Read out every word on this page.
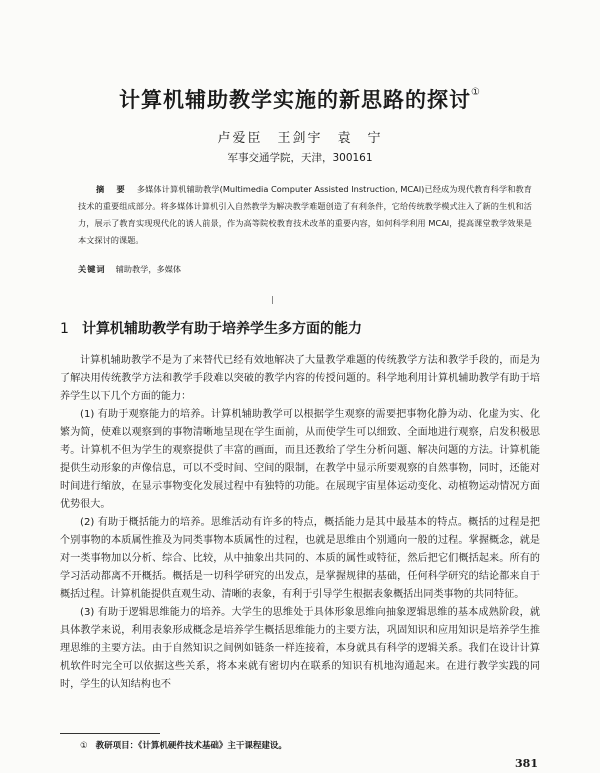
计算机辅助教学实施的新思路的探讨①
卢爱臣　王剑宇　袁　宁
军事交通学院，天津，300161
摘　要 多媒体计算机辅助教学(Multimedia Computer Assisted Instruction, MCAI)已经成为现代教育科学和教育技术的重要组成部分。将多媒体计算机引入自然教学为解决教学难题创造了有利条件，它给传统教学模式注入了新的生机和活力，展示了教育实现现代化的诱人前景，作为高等院校教育技术改革的重要内容，如何科学利用 MCAI，提高课堂教学效果是本文探讨的课题。
关键词 辅助教学，多媒体
1 计算机辅助教学有助于培养学生多方面的能力

计算机辅助教学不是为了来替代已经有效地解决了大量教学难题的传统教学方法和教学手段的，而是为了解决用传统教学方法和教学手段难以突破的教学内容的传授问题的。科学地利用计算机辅助教学有助于培养学生以下几个方面的能力：

(1) 有助于观察能力的培养。计算机辅助教学可以根据学生观察的需要把事物化静为动、化虚为实、化繁为简，使难以观察到的事物清晰地呈现在学生面前，从而使学生可以细致、全面地进行观察，启发积极思考。计算机不但为学生的观察提供了丰富的画面，而且还教给了学生分析问题、解决问题的方法。计算机能提供生动形象的声像信息，可以不受时间、空间的限制，在教学中显示所要观察的自然事物，同时，还能对时间进行缩放，在显示事物变化发展过程中有独特的功能。在展现宇宙星体运动变化、动植物运动情况方面优势很大。

(2) 有助于概括能力的培养。思维活动有许多的特点，概括能力是其中最基本的特点。概括的过程是把个别事物的本质属性推及为同类事物本质属性的过程，也就是思维由个别通向一般的过程。掌握概念，就是对一类事物加以分析、综合、比较，从中抽象出共同的、本质的属性或特征，然后把它们概括起来。所有的学习活动都离不开概括。概括是一切科学研究的出发点，是掌握规律的基础，任何科学研究的结论都来自于概括过程。计算机能提供直观生动、清晰的表象，有利于引导学生根据表象概括出同类事物的共同特征。

(3) 有助于逻辑思维能力的培养。大学生的思维处于具体形象思维向抽象逻辑思维的基本成熟阶段，就具体教学来说，利用表象形成概念是培养学生概括思维能力的主要方法，巩固知识和应用知识是培养学生推理思维的主要方法。由于自然知识之间例如链条一样连接着，本身就具有科学的逻辑关系。我们在设计计算机软件时完全可以依据这些关系，将本来就有密切内在联系的知识有机地沟通起来。在进行教学实践的同时，学生的认知结构也不

① 教研项目：《计算机硬件技术基础》主干课程建设。
381
